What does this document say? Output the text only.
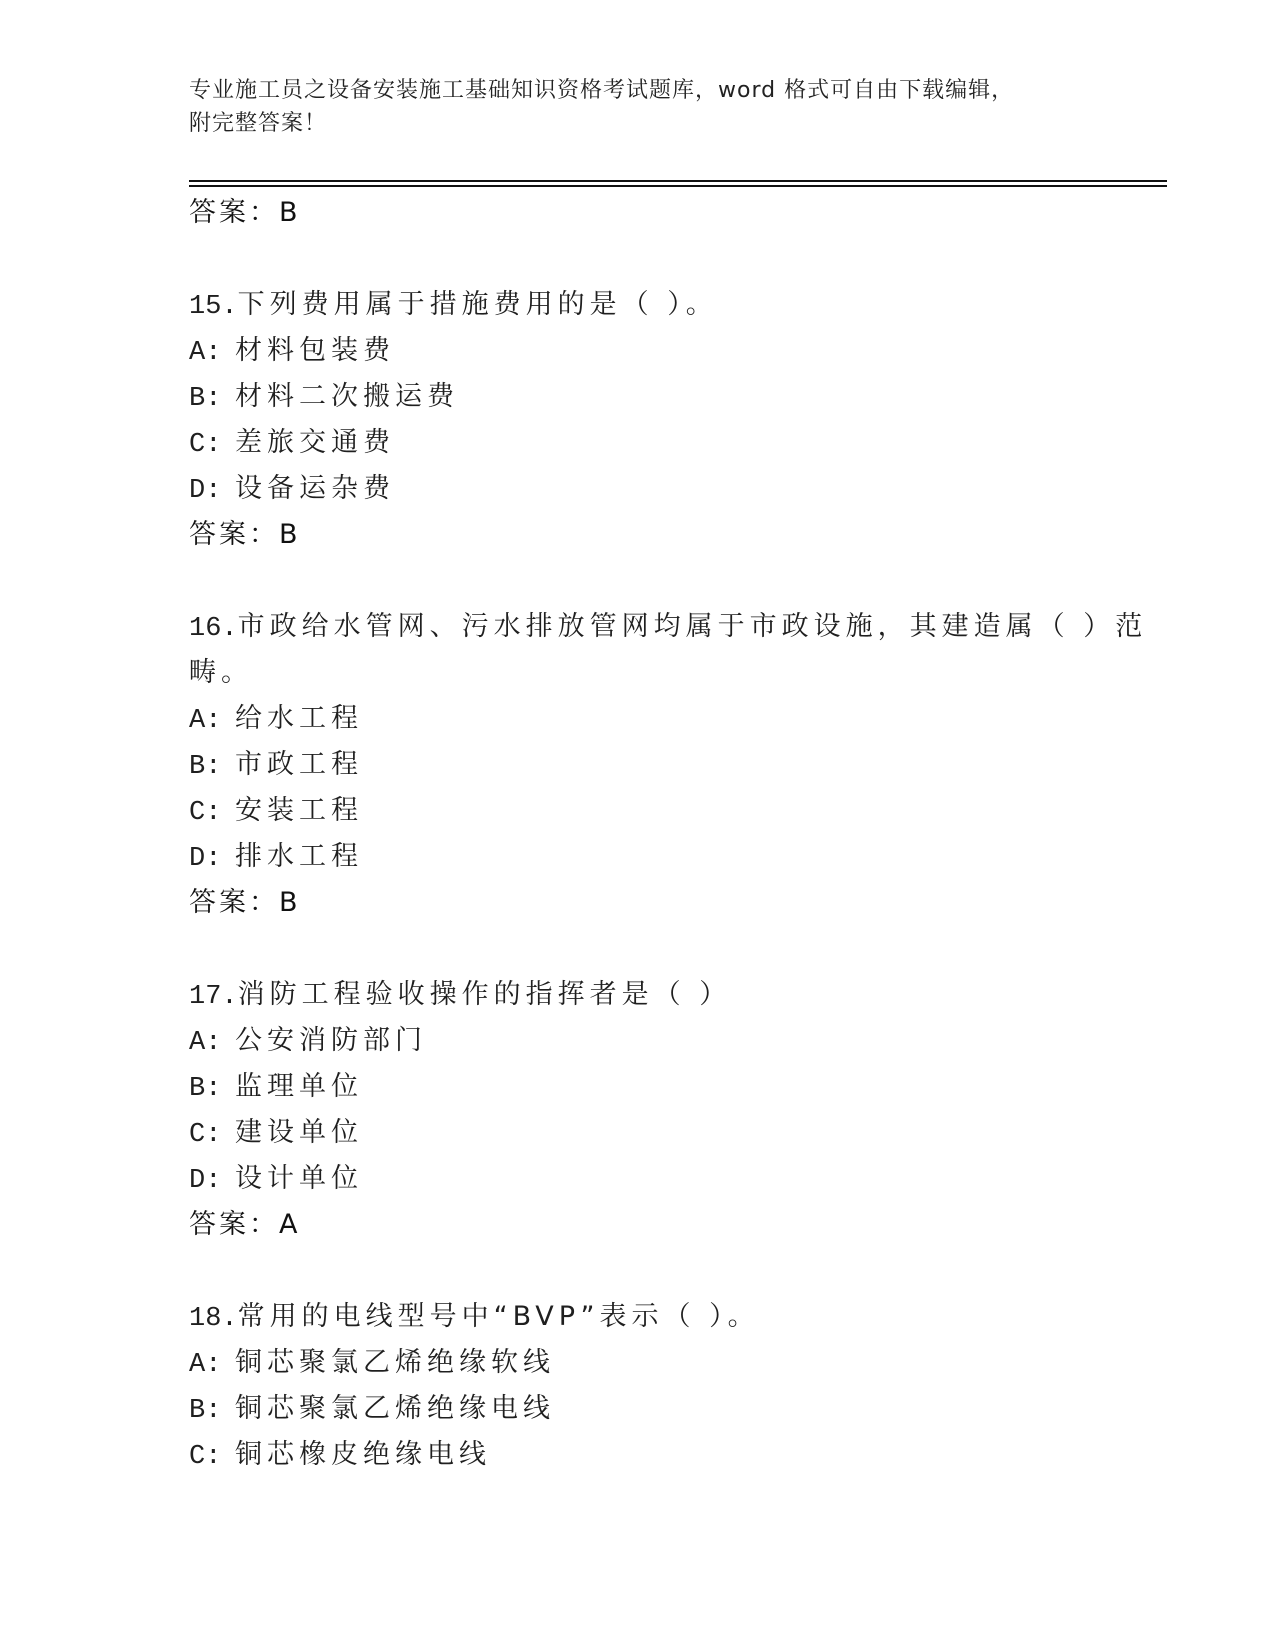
专业施工员之设备安装施工基础知识资格考试题库，word 格式可自由下载编辑，
附完整答案！
答案：B
15.下列费用属于措施费用的是（ ）。
A: 材料包装费
B: 材料二次搬运费
C: 差旅交通费
D: 设备运杂费
答案：B
16.市政给水管网、污水排放管网均属于市政设施，其建造属（ ）范
畴。
A: 给水工程
B: 市政工程
C: 安装工程
D: 排水工程
答案：B
17.消防工程验收操作的指挥者是（ ）
A: 公安消防部门
B: 监理单位
C: 建设单位
D: 设计单位
答案：A
18.常用的电线型号中“BVP”表示（ ）。
A: 铜芯聚氯乙烯绝缘软线
B: 铜芯聚氯乙烯绝缘电线
C: 铜芯橡皮绝缘电线
